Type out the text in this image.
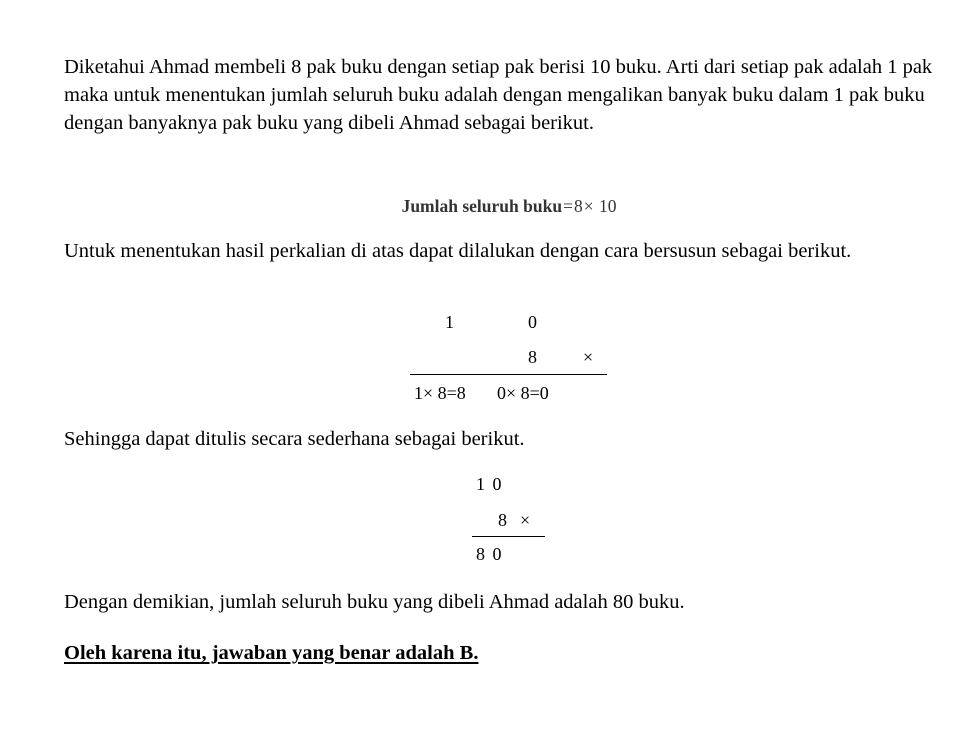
Diketahui Ahmad membeli 8 pak buku dengan setiap pak berisi 10 buku. Arti dari setiap pak adalah 1 pak maka untuk menentukan jumlah seluruh buku adalah dengan mengalikan banyak buku dalam 1 pak buku dengan banyaknya pak buku yang dibeli Ahmad sebagai berikut.

Jumlah seluruh buku=8× 10

Untuk menentukan hasil perkalian di atas dapat dilalukan dengan cara bersusun sebagai berikut.

1	0
8	×
1× 8=8 0× 8=0

Sehingga dapat ditulis secara sederhana sebagai berikut.

1 0
8 ×
8 0

Dengan demikian, jumlah seluruh buku yang dibeli Ahmad adalah 80 buku.

Oleh karena itu, jawaban yang benar adalah B.
